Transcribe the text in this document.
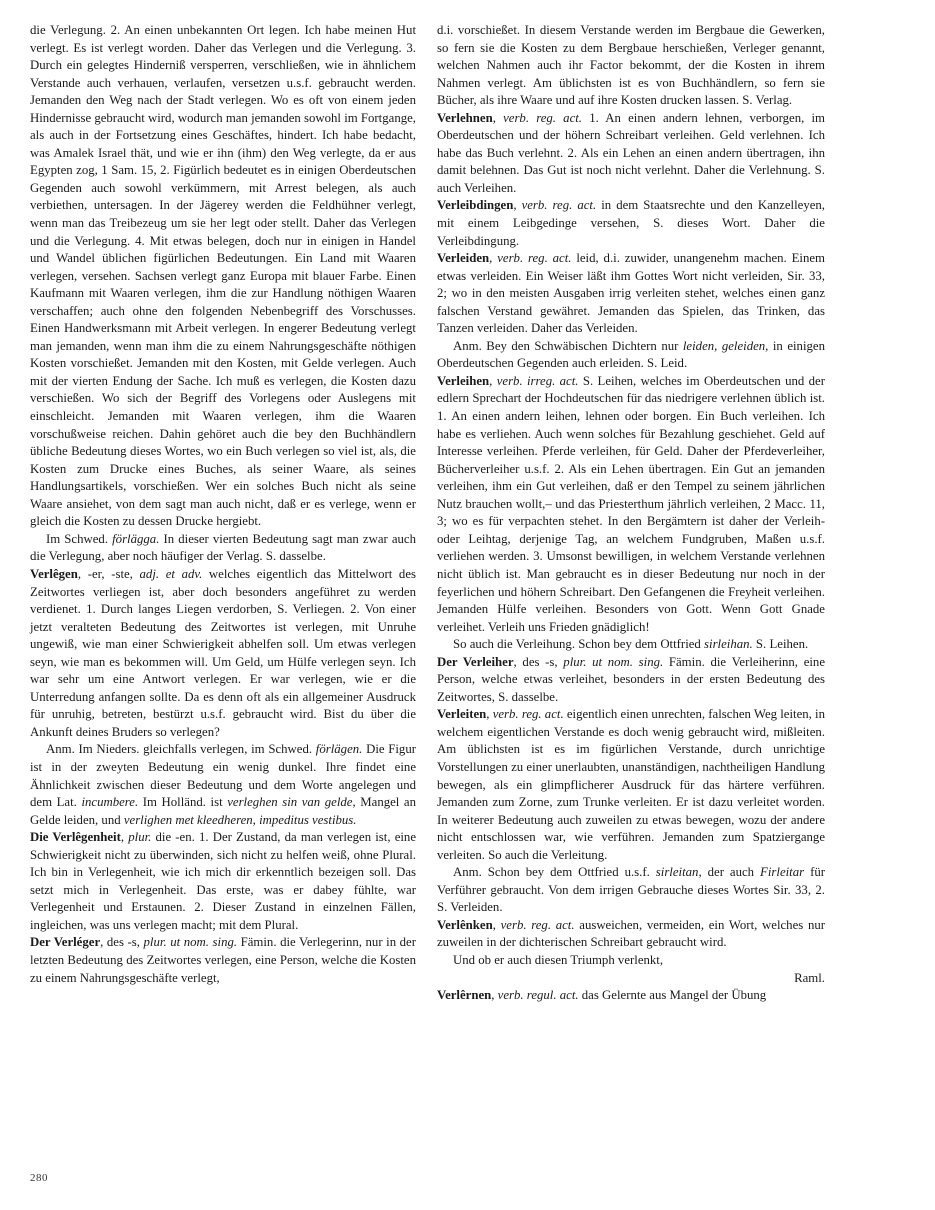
die Verlegung. 2. An einen unbekannten Ort legen. Ich habe meinen Hut verlegt. Es ist verlegt worden. Daher das Verlegen und die Verlegung. 3. Durch ein gelegtes Hinderniß versperren, verschließen, wie in ähnlichem Verstande auch verhauen, verlaufen, versetzen u.s.f. gebraucht werden. Jemanden den Weg nach der Stadt verlegen. Wo es oft von einem jeden Hindernisse gebraucht wird, wodurch man jemanden sowohl im Fortgange, als auch in der Fortsetzung eines Geschäftes, hindert. Ich habe bedacht, was Amalek Israel thät, und wie er ihn (ihm) den Weg verlegte, da er aus Egypten zog, 1 Sam. 15, 2. Figürlich bedeutet es in einigen Oberdeutschen Gegenden auch sowohl verkümmern, mit Arrest belegen, als auch verbiethen, untersagen. In der Jägerey werden die Feldhühner verlegt, wenn man das Treibezeug um sie her legt oder stellt. Daher das Verlegen und die Verlegung. 4. Mit etwas belegen, doch nur in einigen in Handel und Wandel üblichen figürlichen Bedeutungen. Ein Land mit Waaren verlegen, versehen. Sachsen verlegt ganz Europa mit blauer Farbe. Einen Kaufmann mit Waaren verlegen, ihm die zur Handlung nöthigen Waaren verschaffen; auch ohne den folgenden Nebenbegriff des Vorschusses. Einen Handwerksmann mit Arbeit verlegen. In engerer Bedeutung verlegt man jemanden, wenn man ihm die zu einem Nahrungsgeschäfte nöthigen Kosten vorschießet. Jemanden mit den Kosten, mit Gelde verlegen. Auch mit der vierten Endung der Sache. Ich muß es verlegen, die Kosten dazu verschießen. Wo sich der Begriff des Vorlegens oder Auslegens mit einschleicht. Jemanden mit Waaren verlegen, ihm die Waaren vorschußweise reichen. Dahin gehöret auch die bey den Buchhändlern übliche Bedeutung dieses Wortes, wo ein Buch verlegen so viel ist, als, die Kosten zum Drucke eines Buches, als seiner Waare, als seines Handlungsartikels, vorschießen. Wer ein solches Buch nicht als seine Waare ansiehet, von dem sagt man auch nicht, daß er es verlege, wenn er gleich die Kosten zu dessen Drucke hergiebt.

Im Schwed. förlägga. In dieser vierten Bedeutung sagt man zwar auch die Verlegung, aber noch häufiger der Verlag. S. dasselbe.

Verlêgen, -er, -ste, adj. et adv. welches eigentlich das Mittelwort des Zeitwortes verliegen ist, aber doch besonders angeführet zu werden verdienet. 1. Durch langes Liegen verdorben, S. Verliegen. 2. Von einer jetzt veralteten Bedeutung des Zeitwortes ist verlegen, mit Unruhe ungewiß, wie man einer Schwierigkeit abhelfen soll. Um etwas verlegen seyn, wie man es bekommen will. Um Geld, um Hülfe verlegen seyn. Ich war sehr um eine Antwort verlegen. Er war verlegen, wie er die Unterredung anfangen sollte. Da es denn oft als ein allgemeiner Ausdruck für unruhig, betreten, bestürzt u.s.f. gebraucht wird. Bist du über die Ankunft deines Bruders so verlegen?

Anm. Im Nieders. gleichfalls verlegen, im Schwed. förlägen. Die Figur ist in der zweyten Bedeutung ein wenig dunkel. Ihre findet eine Ähnlichkeit zwischen dieser Bedeutung und dem Worte angelegen und dem Lat. incumbere. Im Holländ. ist verleghen sin van gelde, Mangel an Gelde leiden, und verlighen met kleedheren, impeditus vestibus.

Die Verlêgenheit, plur. die -en. 1. Der Zustand, da man verlegen ist, eine Schwierigkeit nicht zu überwinden, sich nicht zu helfen weiß, ohne Plural. Ich bin in Verlegenheit, wie ich mich dir erkenntlich bezeigen soll. Das setzt mich in Verlegenheit. Das erste, was er dabey fühlte, war Verlegenheit und Erstaunen. 2. Dieser Zustand in einzelnen Fällen, ingleichen, was uns verlegen macht; mit dem Plural.

Der Verléger, des -s, plur. ut nom. sing. Fämin. die Verlegerinn, nur in der letzten Bedeutung des Zeitwortes verlegen, eine Person, welche die Kosten zu einem Nahrungsgeschäfte verlegt,

d.i. vorschießet. In diesem Verstande werden im Bergbaue die Gewerken, so fern sie die Kosten zu dem Bergbaue herschießen, Verleger genannt, welchen Nahmen auch ihr Factor bekommt, der die Kosten in ihrem Nahmen verlegt. Am üblichsten ist es von Buchhändlern, so fern sie Bücher, als ihre Waare und auf ihre Kosten drucken lassen. S. Verlag.

Verlehnen, verb. reg. act. 1. An einen andern lehnen, verborgen, im Oberdeutschen und der höhern Schreibart verleihen. Geld verlehnen. Ich habe das Buch verlehnt. 2. Als ein Lehen an einen andern übertragen, ihn damit belehnen. Das Gut ist noch nicht verlehnt. Daher die Verlehnung. S. auch Verleihen.

Verleibdingen, verb. reg. act. in dem Staatsrechte und den Kanzelleyen, mit einem Leibgedinge versehen, S. dieses Wort. Daher die Verleibdingung.

Verleiden, verb. reg. act. leid, d.i. zuwider, unangenehm machen. Einem etwas verleiden. Ein Weiser läßt ihm Gottes Wort nicht verleiden, Sir. 33, 2; wo in den meisten Ausgaben irrig verleiten stehet, welches einen ganz falschen Verstand gewähret. Jemanden das Spielen, das Trinken, das Tanzen verleiden. Daher das Verleiden.

Anm. Bey den Schwäbischen Dichtern nur leiden, geleiden, in einigen Oberdeutschen Gegenden auch erleiden. S. Leid.

Verleihen, verb. irreg. act. S. Leihen, welches im Oberdeutschen und der edlern Sprechart der Hochdeutschen für das niedrigere verlehnen üblich ist. 1. An einen andern leihen, lehnen oder borgen. Ein Buch verleihen. Ich habe es verliehen. Auch wenn solches für Bezahlung geschiehet. Geld auf Interesse verleihen. Pferde verleihen, für Geld. Daher der Pferdeverleiher, Bücherverleiher u.s.f. 2. Als ein Lehen übertragen. Ein Gut an jemanden verleihen, ihm ein Gut verleihen, daß er den Tempel zu seinem jährlichen Nutz brauchen wollt,– und das Priesterthum jährlich verleihen, 2 Macc. 11, 3; wo es für verpachten stehet. In den Bergämtern ist daher der Verleih- oder Leihtag, derjenige Tag, an welchem Fundgruben, Maßen u.s.f. verliehen werden. 3. Umsonst bewilligen, in welchem Verstande verlehnen nicht üblich ist. Man gebraucht es in dieser Bedeutung nur noch in der feyerlichen und höhern Schreibart. Den Gefangenen die Freyheit verleihen. Jemanden Hülfe verleihen. Besonders von Gott. Wenn Gott Gnade verleihet. Verleih uns Frieden gnädiglich!

So auch die Verleihung. Schon bey dem Ottfried sirleihan. S. Leihen.

Der Verleiher, des -s, plur. ut nom. sing. Fämin. die Verleiherinn, eine Person, welche etwas verleihet, besonders in der ersten Bedeutung des Zeitwortes, S. dasselbe.

Verleiten, verb. reg. act. eigentlich einen unrechten, falschen Weg leiten, in welchem eigentlichen Verstande es doch wenig gebraucht wird, mißleiten. Am üblichsten ist es im figürlichen Verstande, durch unrichtige Vorstellungen zu einer unerlaubten, unanständigen, nachtheiligen Handlung bewegen, als ein glimpflicherer Ausdruck für das härtere verführen. Jemanden zum Zorne, zum Trunke verleiten. Er ist dazu verleitet worden. In weiterer Bedeutung auch zuweilen zu etwas bewegen, wozu der andere nicht entschlossen war, wie verführen. Jemanden zum Spatziergange verleiten. So auch die Verleitung.

Anm. Schon bey dem Ottfried u.s.f. sirleitan, der auch Firleitar für Verführer gebraucht. Von dem irrigen Gebrauche dieses Wortes Sir. 33, 2. S. Verleiden.

Verlênken, verb. reg. act. ausweichen, vermeiden, ein Wort, welches nur zuweilen in der dichterischen Schreibart gebraucht wird.

Und ob er auch diesen Triumph verlenkt,

Raml.

Verlêrnen, verb. regul. act. das Gelernte aus Mangel der Übung

280
